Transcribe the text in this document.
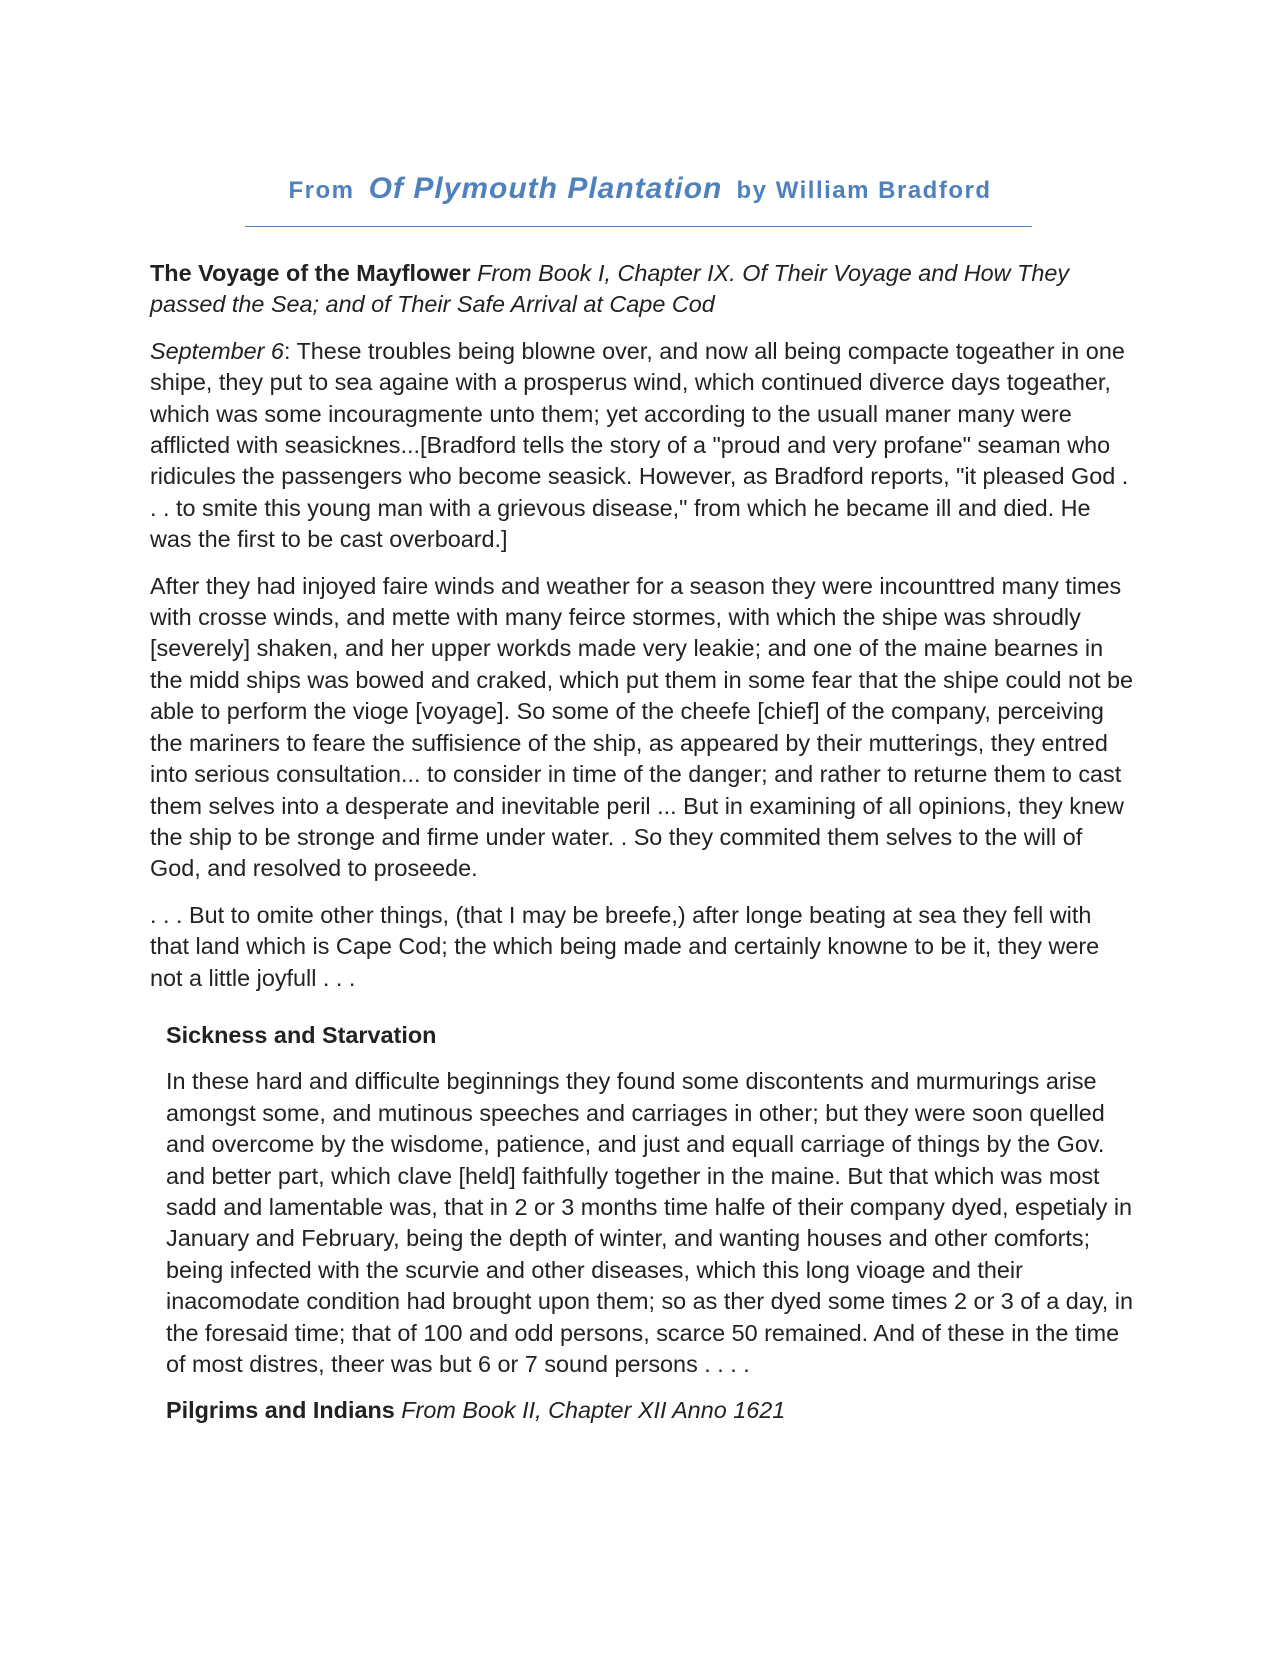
From Of Plymouth Plantation by William Bradford
The Voyage of the Mayflower From Book I, Chapter IX. Of Their Voyage and How They passed the Sea; and of Their Safe Arrival at Cape Cod

September 6: These troubles being blowne over, and now all being compacte togeather in one shipe, they put to sea againe with a prosperus wind, which continued diverce days togeather, which was some incouragmente unto them; yet according to the usuall maner many were afflicted with seasicknes...[Bradford tells the story of a "proud and very profane" seaman who ridicules the passengers who become seasick. However, as Bradford reports, "it pleased God . . . to smite this young man with a grievous disease," from which he became ill and died. He was the first to be cast overboard.]

After they had injoyed faire winds and weather for a season they were incounttred many times with crosse winds, and mette with many feirce stormes, with which the shipe was shroudly [severely] shaken, and her upper workds made very leakie; and one of the maine bearnes in the midd ships was bowed and craked, which put them in some fear that the shipe could not be able to perform the vioge [voyage]. So some of the cheefe [chief] of the company, perceiving the mariners to feare the suffisience of the ship, as appeared by their mutterings, they entred into serious consultation... to consider in time of the danger; and rather to returne them to cast them selves into a desperate and inevitable peril ... But in examining of all opinions, they knew the ship to be stronge and firme under water. . So they commited them selves to the will of God, and resolved to proseede.

. . . But to omite other things, (that I may be breefe,) after longe beating at sea they fell with that land which is Cape Cod; the which being made and certainly knowne to be it, they were not a little joyfull . . .

Sickness and Starvation

In these hard and difficulte beginnings they found some discontents and murmurings arise amongst some, and mutinous speeches and carriages in other; but they were soon quelled and overcome by the wisdome, patience, and just and equall carriage of things by the Gov. and better part, which clave [held] faithfully together in the maine. But that which was most sadd and lamentable was, that in 2 or 3 months time halfe of their company dyed, espetialy in January and February, being the depth of winter, and wanting houses and other comforts; being infected with the scurvie and other diseases, which this long vioage and their inacomodate condition had brought upon them; so as ther dyed some times 2 or 3 of a day, in the foresaid time; that of 100 and odd persons, scarce 50 remained. And of these in the time of most distres, theer was but 6 or 7 sound persons . . . .

Pilgrims and Indians From Book II, Chapter XII Anno 1621
